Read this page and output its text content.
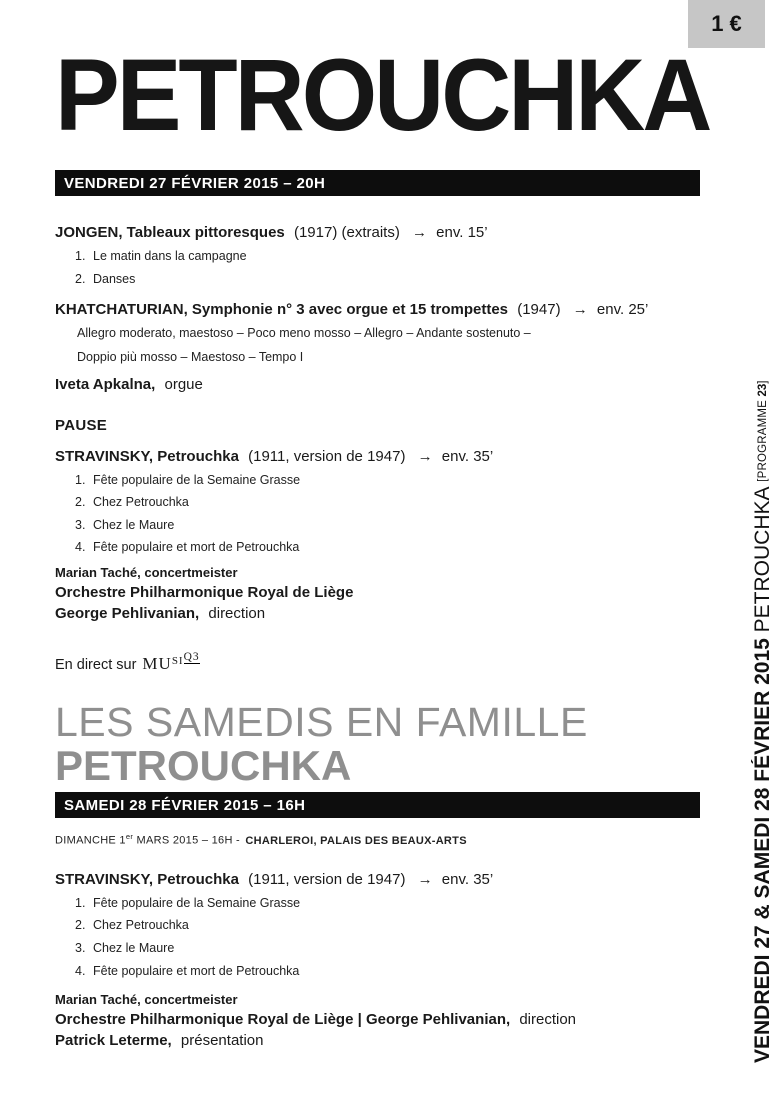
1 €
PETROUCHKA
VENDREDI 27 FÉVRIER 2015 – 20H

JONGEN, Tableaux pittoresques (1917) (extraits) → env. 15’

Le matin dans la campagne
Danses

KHATCHATURIAN, Symphonie n° 3 avec orgue et 15 trompettes (1947) → env. 25’

Allegro moderato, maestoso – Poco meno mosso – Allegro – Andante sostenuto –
Doppio più mosso – Maestoso – Tempo I

Iveta Apkalna, orgue

PAUSE

STRAVINSKY, Petrouchka (1911, version de 1947) → env. 35’

Fête populaire de la Semaine Grasse
Chez Petrouchka
Chez le Maure
Fête populaire et mort de Petrouchka

Marian Taché, concertmeister

Orchestre Philharmonique Royal de Liège

George Pehlivanian, direction

En direct sur $MU^{SIQ3}$

LES SAMEDIS EN FAMILLE
PETROUCHKA
SAMEDI 28 FÉVRIER 2015 – 16H

DIMANCHE 1er MARS 2015 – 16H - CHARLEROI, PALAIS DES BEAUX-ARTS

STRAVINSKY, Petrouchka (1911, version de 1947) → env. 35’

Fête populaire de la Semaine Grasse
Chez Petrouchka
Chez le Maure
Fête populaire et mort de Petrouchka

Marian Taché, concertmeister

Orchestre Philharmonique Royal de Liège | George Pehlivanian, direction

Patrick Leterme, présentation	VENDREDI 27 & SAMEDI 28 FÉVRIER 2015 PETROUCHKA [PROGRAMME 23]
